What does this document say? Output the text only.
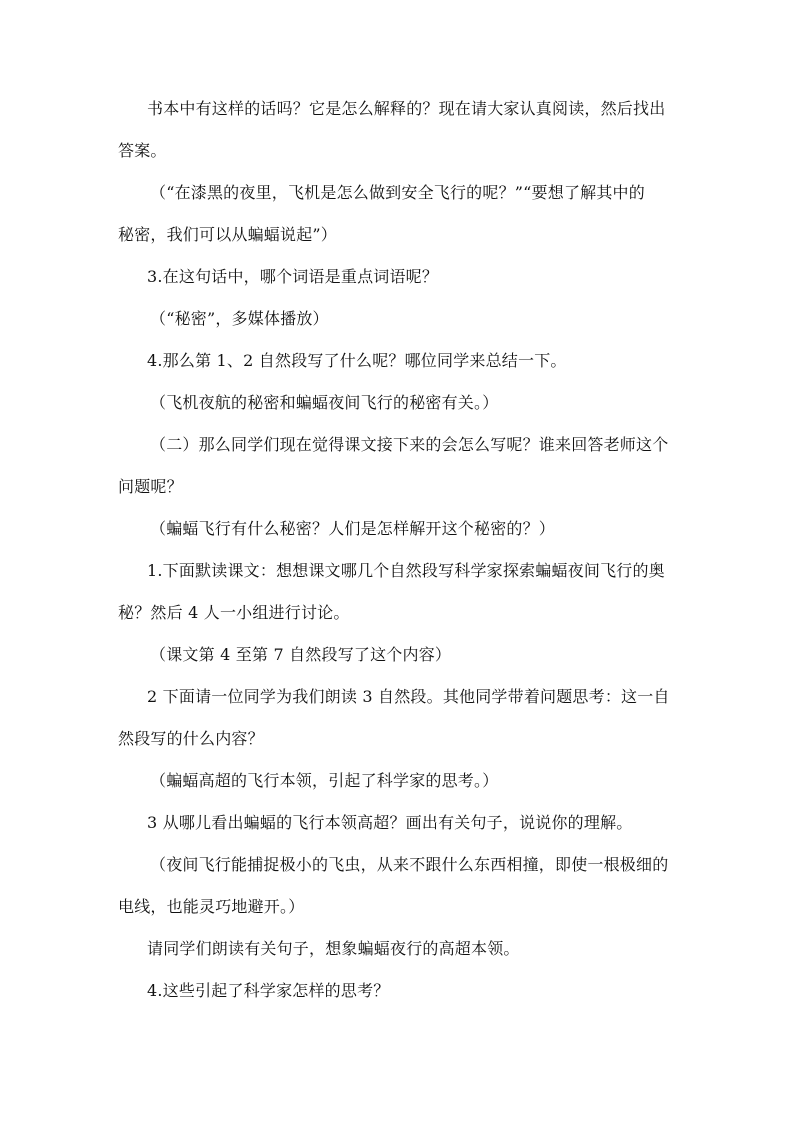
书本中有这样的话吗？它是怎么解释的？现在请大家认真阅读，然后找出
答案。
（“在漆黑的夜里，飞机是怎么做到安全飞行的呢？”“要想了解其中的
秘密，我们可以从蝙蝠说起”）
3.在这句话中，哪个词语是重点词语呢？
（“秘密”，多媒体播放）
4.那么第 1、2 自然段写了什么呢？哪位同学来总结一下。
（飞机夜航的秘密和蝙蝠夜间飞行的秘密有关。）
（二）那么同学们现在觉得课文接下来的会怎么写呢？谁来回答老师这个
问题呢？
（蝙蝠飞行有什么秘密？人们是怎样解开这个秘密的？）
1.下面默读课文：想想课文哪几个自然段写科学家探索蝙蝠夜间飞行的奥
秘？然后 4 人一小组进行讨论。
（课文第 4 至第 7 自然段写了这个内容）
2 下面请一位同学为我们朗读 3 自然段。其他同学带着问题思考：这一自
然段写的什么内容？
（蝙蝠高超的飞行本领，引起了科学家的思考。）
3 从哪儿看出蝙蝠的飞行本领高超？画出有关句子，说说你的理解。
（夜间飞行能捕捉极小的飞虫，从来不跟什么东西相撞，即使一根极细的
电线，也能灵巧地避开。）
请同学们朗读有关句子，想象蝙蝠夜行的高超本领。
4.这些引起了科学家怎样的思考？
